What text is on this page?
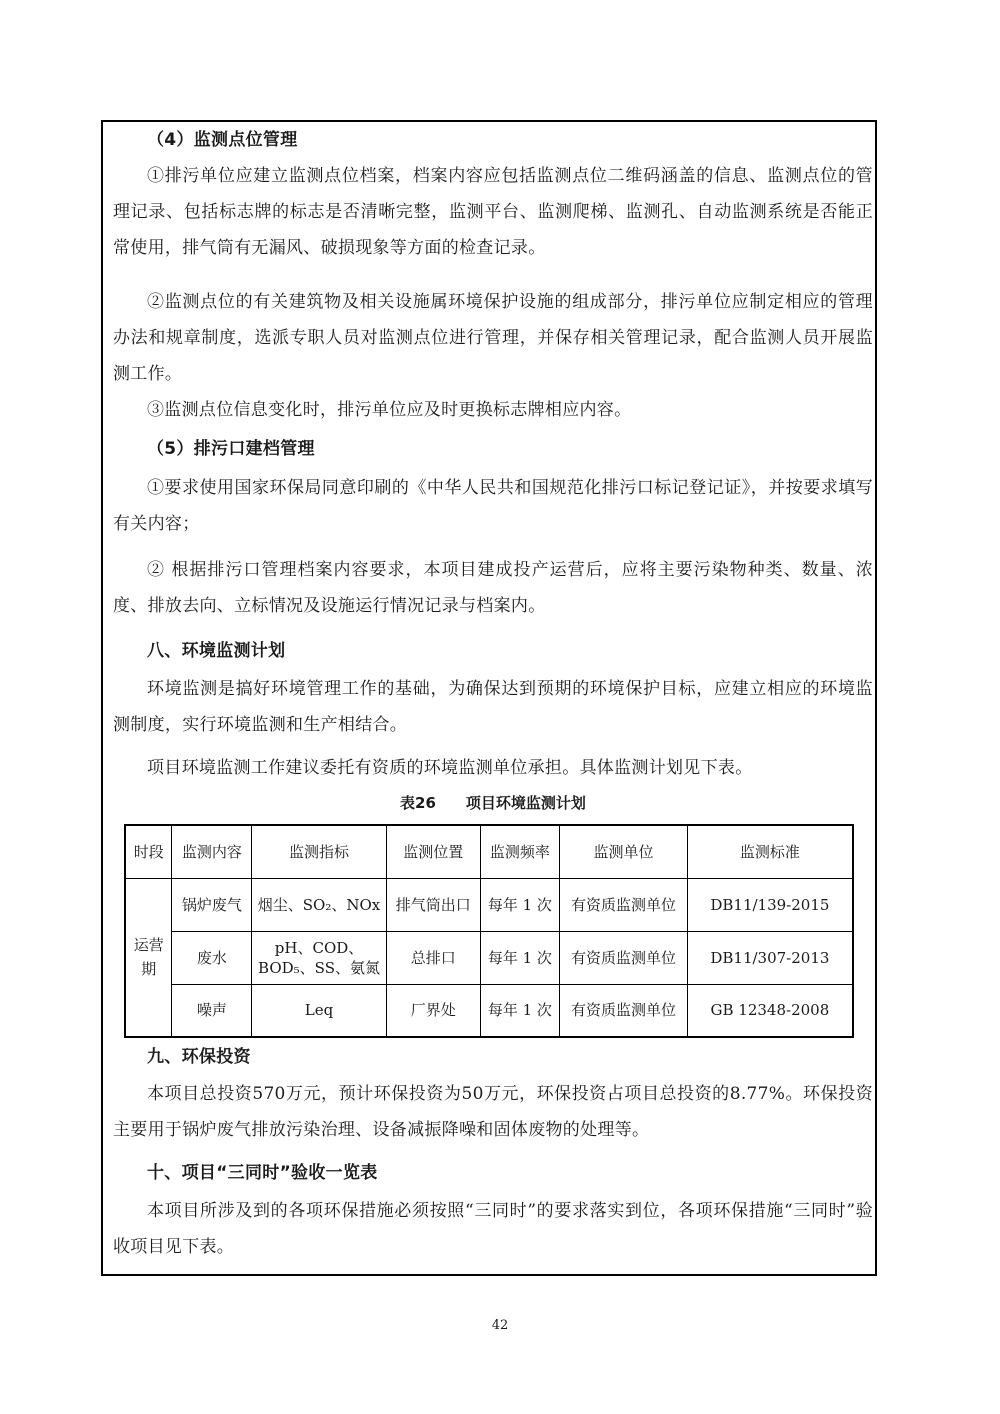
（4）监测点位管理
①排污单位应建立监测点位档案，档案内容应包括监测点位二维码涵盖的信息、监测点位的管理记录、包括标志牌的标志是否清晰完整，监测平台、监测爬梯、监测孔、自动监测系统是否能正常使用，排气筒有无漏风、破损现象等方面的检查记录。
②监测点位的有关建筑物及相关设施属环境保护设施的组成部分，排污单位应制定相应的管理办法和规章制度，选派专职人员对监测点位进行管理，并保存相关管理记录，配合监测人员开展监测工作。
③监测点位信息变化时，排污单位应及时更换标志牌相应内容。
（5）排污口建档管理
①要求使用国家环保局同意印刷的《中华人民共和国规范化排污口标记登记证》，并按要求填写有关内容；
② 根据排污口管理档案内容要求，本项目建成投产运营后，应将主要污染物种类、数量、浓度、排放去向、立标情况及设施运行情况记录与档案内。
八、环境监测计划
环境监测是搞好环境管理工作的基础，为确保达到预期的环境保护目标，应建立相应的环境监测制度，实行环境监测和生产相结合。
项目环境监测工作建议委托有资质的环境监测单位承担。具体监测计划见下表。
表26　　项目环境监测计划
时段	监测内容	监测指标	监测位置	监测频率	监测单位	监测标准

运营期	锅炉废气	烟尘、SO₂、NOx	排气筒出口	每年 1 次	有资质监测单位	DB11/139-2015
	废水	pH、COD、BOD₅、SS、氨氮	总排口	每年 1 次	有资质监测单位	DB11/307-2013
	噪声	Leq	厂界处	每年 1 次	有资质监测单位	GB 12348-2008
九、环保投资
本项目总投资570万元，预计环保投资为50万元，环保投资占项目总投资的8.77%。环保投资主要用于锅炉废气排放污染治理、设备减振降噪和固体废物的处理等。
十、项目“三同时”验收一览表
本项目所涉及到的各项环保措施必须按照“三同时”的要求落实到位，各项环保措施“三同时”验收项目见下表。
42
